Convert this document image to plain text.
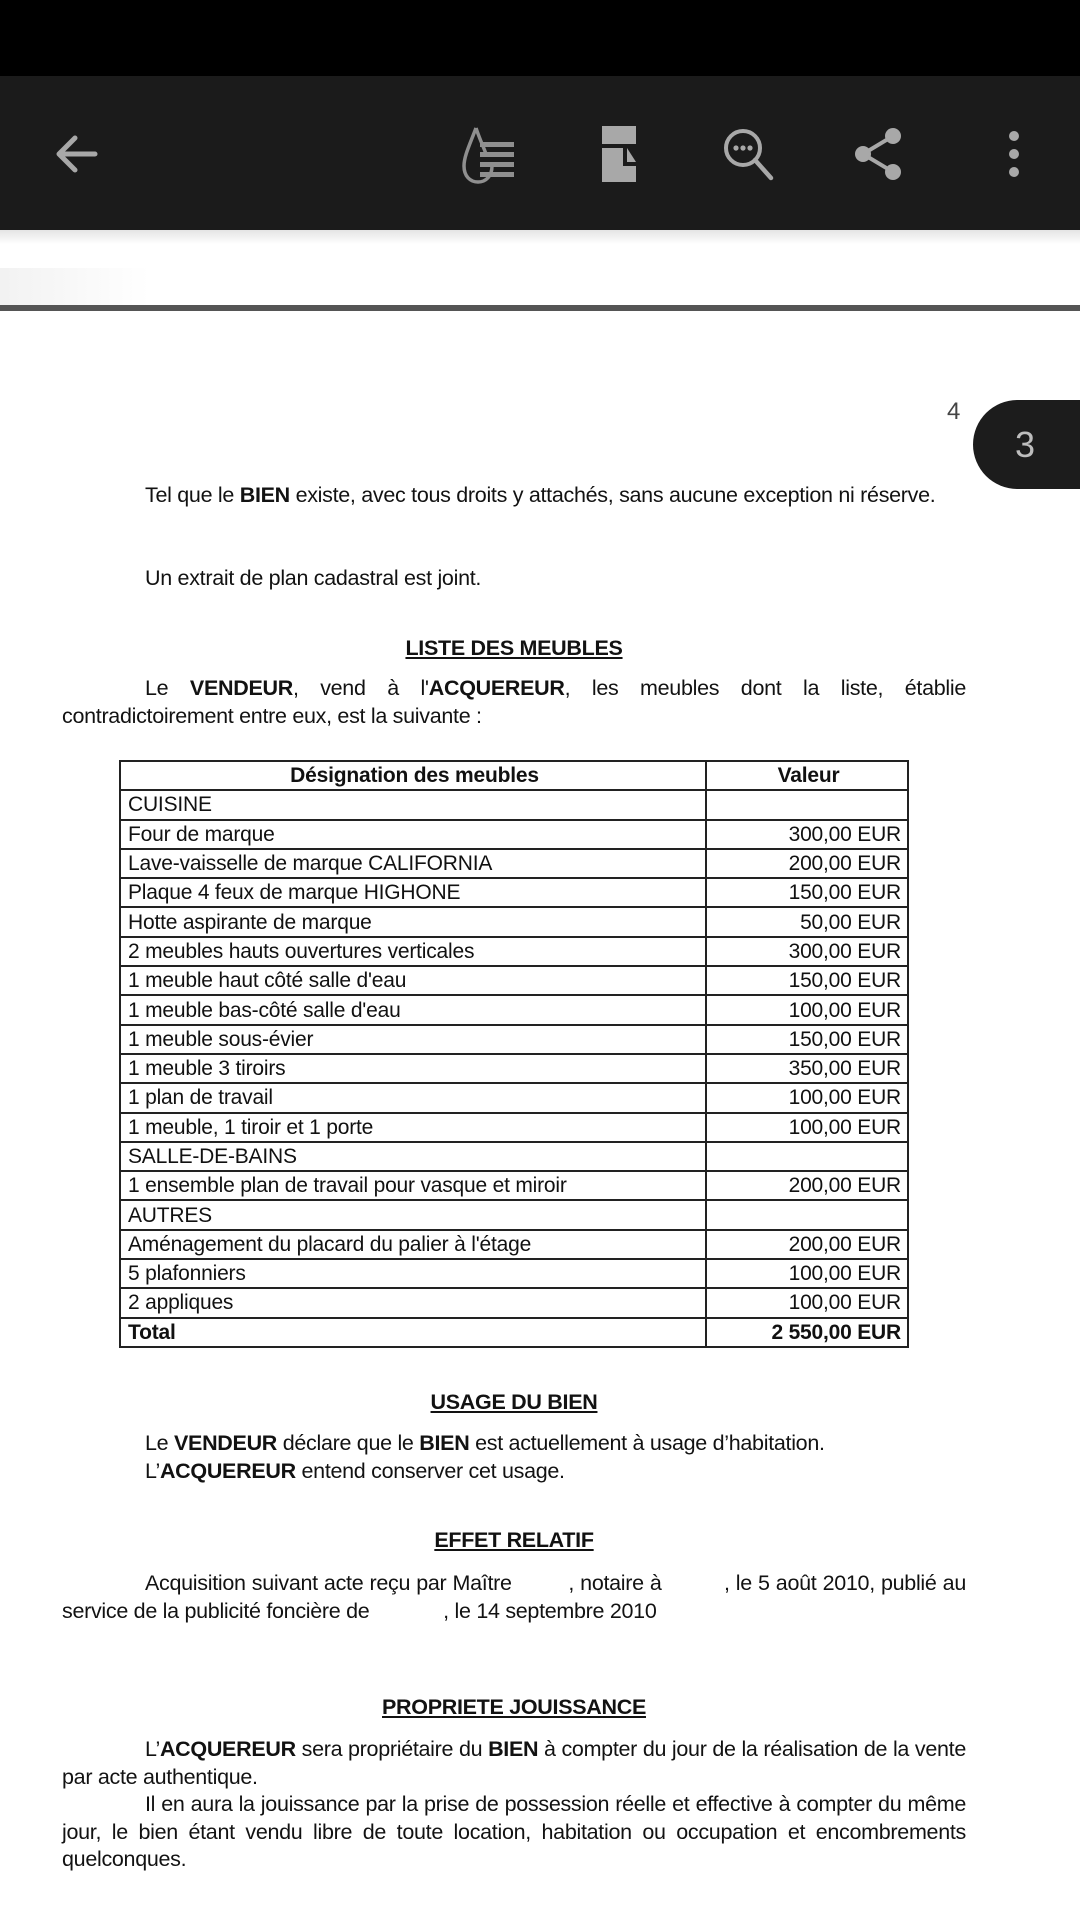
4
3
Tel que le BIEN existe, avec tous droits y attachés, sans aucune exception ni réserve.
Un extrait de plan cadastral est joint.
LISTE DES MEUBLES
Le VENDEUR, vend à l'ACQUEREUR, les meubles dont la liste, établie contradictoirement entre eux, est la suivante :
Désignation des meubles	Valeur
CUISINE	
Four de marque	300,00 EUR
Lave-vaisselle de marque CALIFORNIA	200,00 EUR
Plaque 4 feux de marque HIGHONE	150,00 EUR
Hotte aspirante de marque	50,00 EUR
2 meubles hauts ouvertures verticales	300,00 EUR
1 meuble haut côté salle d'eau	150,00 EUR
1 meuble bas-côté salle d'eau	100,00 EUR
1 meuble sous-évier	150,00 EUR
1 meuble 3 tiroirs	350,00 EUR
1 plan de travail	100,00 EUR
1 meuble, 1 tiroir et 1 porte	100,00 EUR
SALLE-DE-BAINS	
1 ensemble plan de travail pour vasque et miroir	200,00 EUR
AUTRES	
Aménagement du placard du palier à l'étage	200,00 EUR
5 plafonniers	100,00 EUR
2 appliques	100,00 EUR
Total	2 550,00 EUR
USAGE DU BIEN
Le VENDEUR déclare que le BIEN est actuellement à usage d’habitation.
L’ACQUEREUR entend conserver cet usage.
EFFET RELATIF
Acquisition suivant acte reçu par Maître	, notaire à	, le 5 août 2010, publié au service de la publicité foncière de	, le 14 septembre 2010
PROPRIETE JOUISSANCE
L’ACQUEREUR sera propriétaire du BIEN à compter du jour de la réalisation de la vente par acte authentique.
Il en aura la jouissance par la prise de possession réelle et effective à compter du même jour, le bien étant vendu libre de toute location, habitation ou occupation et encombrements quelconques.
